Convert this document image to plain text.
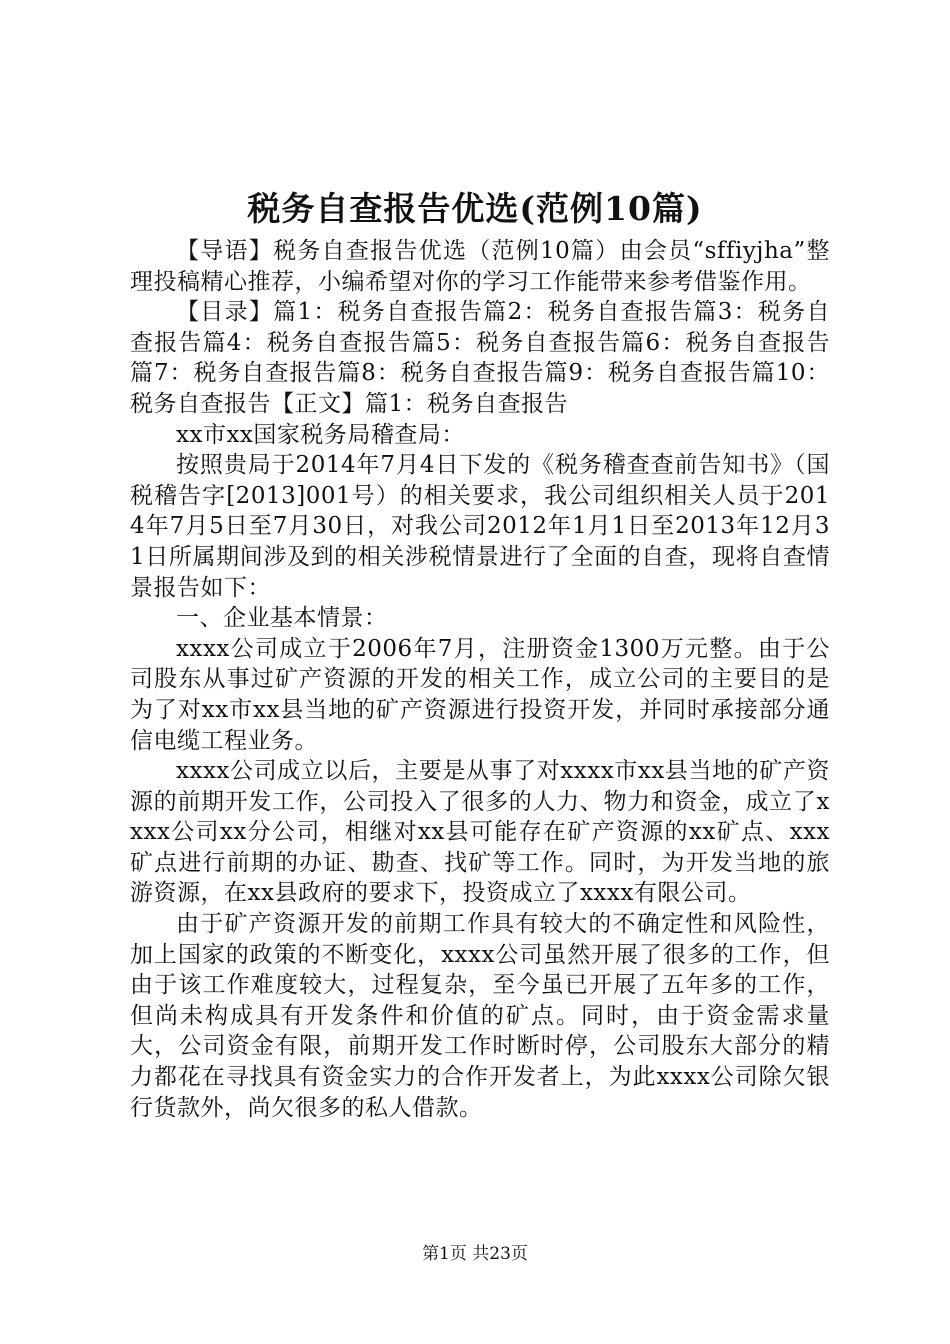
税务自查报告优选(范例10篇)

【导语】税务自查报告优选（范例10篇）由会员“sffiyjha”整理投稿精心推荐，小编希望对你的学习工作能带来参考借鉴作用。

【目录】篇1：税务自查报告篇2：税务自查报告篇3：税务自查报告篇4：税务自查报告篇5：税务自查报告篇6：税务自查报告篇7：税务自查报告篇8：税务自查报告篇9：税务自查报告篇10：税务自查报告【正文】篇1：税务自查报告

xx市xx国家税务局稽查局：

按照贵局于2014年7月4日下发的《税务稽查查前告知书》（国税稽告字[2013]001号）的相关要求，我公司组织相关人员于2014年7月5日至7月30日，对我公司2012年1月1日至2013年12月31日所属期间涉及到的相关涉税情景进行了全面的自查，现将自查情景报告如下：

一、企业基本情景：

xxxx公司成立于2006年7月，注册资金1300万元整。由于公司股东从事过矿产资源的开发的相关工作，成立公司的主要目的是为了对xx市xx县当地的矿产资源进行投资开发，并同时承接部分通信电缆工程业务。

xxxx公司成立以后，主要是从事了对xxxx市xx县当地的矿产资源的前期开发工作，公司投入了很多的人力、物力和资金，成立了xxxx公司xx分公司，相继对xx县可能存在矿产资源的xx矿点、xxx矿点进行前期的办证、勘查、找矿等工作。同时，为开发当地的旅游资源，在xx县政府的要求下，投资成立了xxxx有限公司。

由于矿产资源开发的前期工作具有较大的不确定性和风险性，加上国家的政策的不断变化，xxxx公司虽然开展了很多的工作，但由于该工作难度较大，过程复杂，至今虽已开展了五年多的工作，但尚未构成具有开发条件和价值的矿点。同时，由于资金需求量大，公司资金有限，前期开发工作时断时停，公司股东大部分的精力都花在寻找具有资金实力的合作开发者上，为此xxxx公司除欠银行货款外，尚欠很多的私人借款。

第1页 共23页
